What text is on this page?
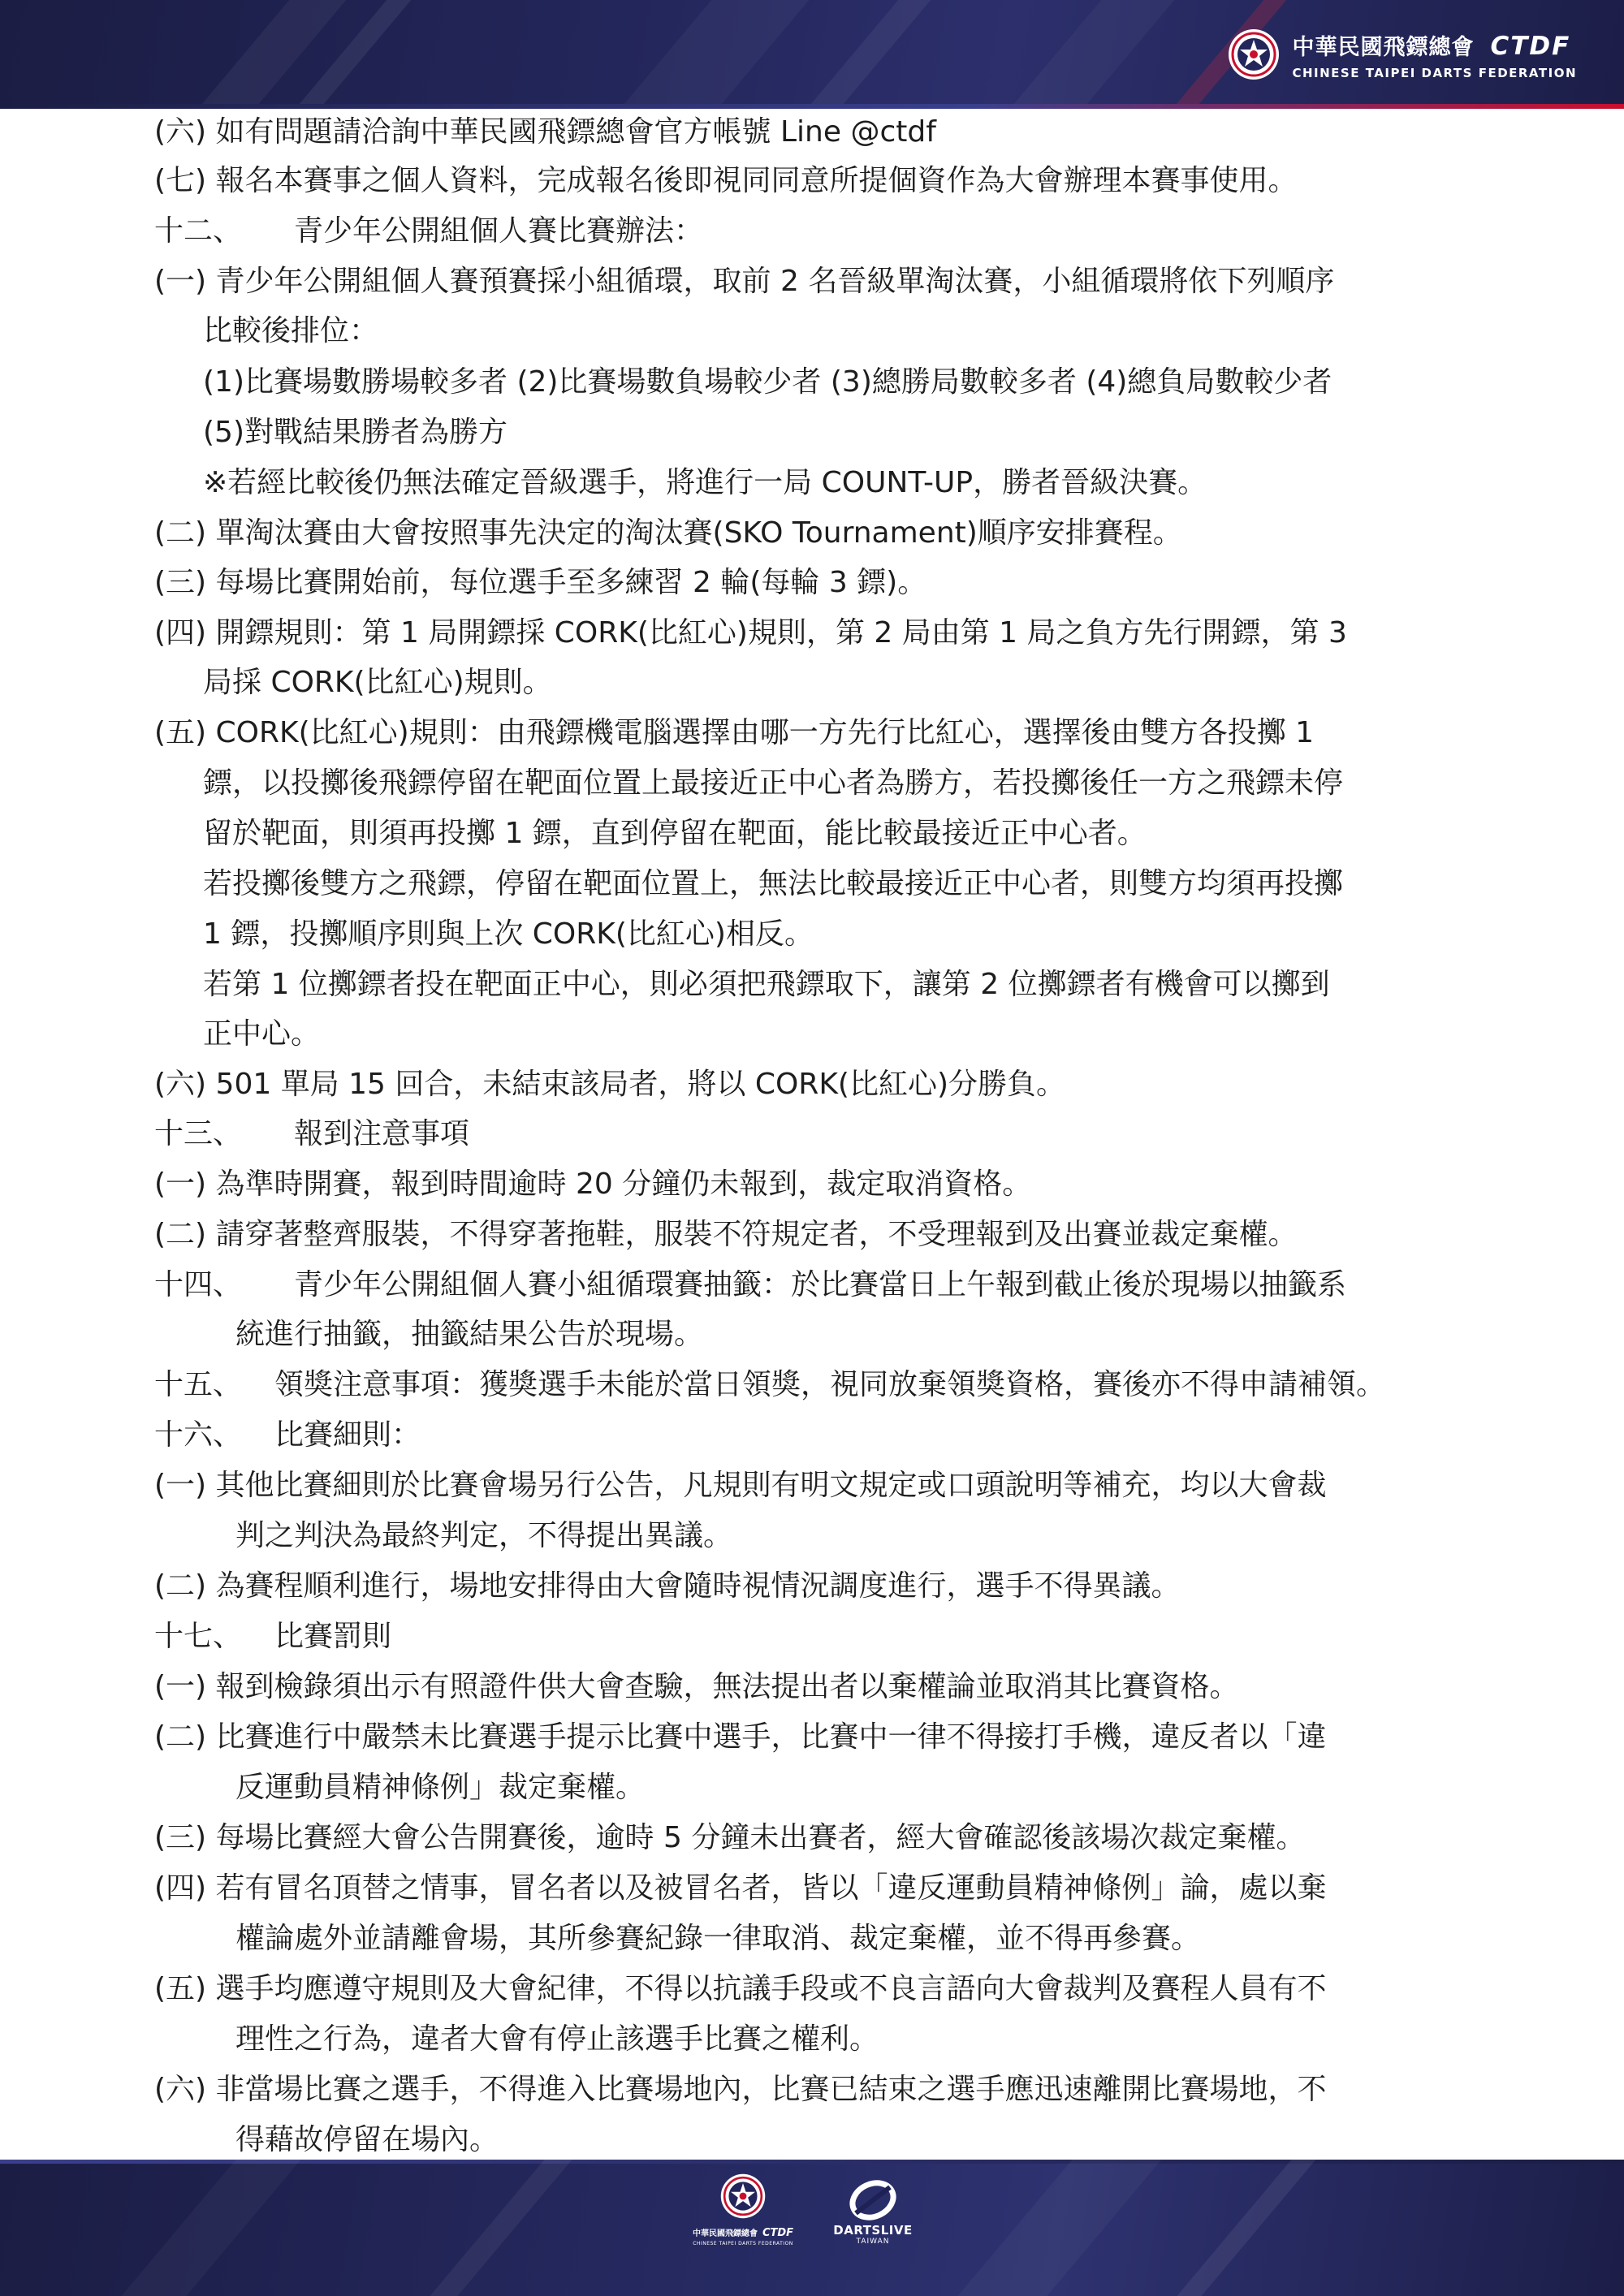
中華民國飛鏢總會 CTDF
CHINESE TAIPEI DARTS FEDERATION
(六) 如有問題請洽詢中華民國飛鏢總會官方帳號 Line @ctdf
(七) 報名本賽事之個人資料，完成報名後即視同同意所提個資作為大會辦理本賽事使用。
十二、 青少年公開組個人賽比賽辦法：
(一) 青少年公開組個人賽預賽採小組循環，取前 2 名晉級單淘汰賽，小組循環將依下列順序
比較後排位：
(1)比賽場數勝場較多者 (2)比賽場數負場較少者 (3)總勝局數較多者 (4)總負局數較少者
(5)對戰結果勝者為勝方
※若經比較後仍無法確定晉級選手，將進行一局 COUNT-UP，勝者晉級決賽。
(二) 單淘汰賽由大會按照事先決定的淘汰賽(SKO Tournament)順序安排賽程。
(三) 每場比賽開始前，每位選手至多練習 2 輪(每輪 3 鏢)。
(四) 開鏢規則：第 1 局開鏢採 CORK(比紅心)規則，第 2 局由第 1 局之負方先行開鏢，第 3
局採 CORK(比紅心)規則。
(五) CORK(比紅心)規則：由飛鏢機電腦選擇由哪一方先行比紅心，選擇後由雙方各投擲 1
鏢，以投擲後飛鏢停留在靶面位置上最接近正中心者為勝方，若投擲後任一方之飛鏢未停
留於靶面，則須再投擲 1 鏢，直到停留在靶面，能比較最接近正中心者。
若投擲後雙方之飛鏢，停留在靶面位置上，無法比較最接近正中心者，則雙方均須再投擲
1 鏢，投擲順序則與上次 CORK(比紅心)相反。
若第 1 位擲鏢者投在靶面正中心，則必須把飛鏢取下，讓第 2 位擲鏢者有機會可以擲到
正中心。
(六) 501 單局 15 回合，未結束該局者，將以 CORK(比紅心)分勝負。
十三、 報到注意事項
(一) 為準時開賽，報到時間逾時 20 分鐘仍未報到，裁定取消資格。
(二) 請穿著整齊服裝，不得穿著拖鞋，服裝不符規定者，不受理報到及出賽並裁定棄權。
十四、 青少年公開組個人賽小組循環賽抽籤：於比賽當日上午報到截止後於現場以抽籤系
統進行抽籤，抽籤結果公告於現場。
十五、 領獎注意事項：獲獎選手未能於當日領獎，視同放棄領獎資格，賽後亦不得申請補領。
十六、 比賽細則：
(一) 其他比賽細則於比賽會場另行公告，凡規則有明文規定或口頭說明等補充，均以大會裁
判之判決為最終判定，不得提出異議。
(二) 為賽程順利進行，場地安排得由大會隨時視情況調度進行，選手不得異議。
十七、 比賽罰則
(一) 報到檢錄須出示有照證件供大會查驗，無法提出者以棄權論並取消其比賽資格。
(二) 比賽進行中嚴禁未比賽選手提示比賽中選手，比賽中一律不得接打手機，違反者以「違
反運動員精神條例」裁定棄權。
(三) 每場比賽經大會公告開賽後，逾時 5 分鐘未出賽者，經大會確認後該場次裁定棄權。
(四) 若有冒名頂替之情事，冒名者以及被冒名者，皆以「違反運動員精神條例」論，處以棄
權論處外並請離會場，其所參賽紀錄一律取消、裁定棄權，並不得再參賽。
(五) 選手均應遵守規則及大會紀律，不得以抗議手段或不良言語向大會裁判及賽程人員有不
理性之行為，違者大會有停止該選手比賽之權利。
(六) 非當場比賽之選手，不得進入比賽場地內，比賽已結束之選手應迅速離開比賽場地，不
得藉故停留在場內。
中華民國飛鏢總會 CTDF
CHINESE TAIPEI DARTS FEDERATION
DARTSLIVE
TAIWAN
